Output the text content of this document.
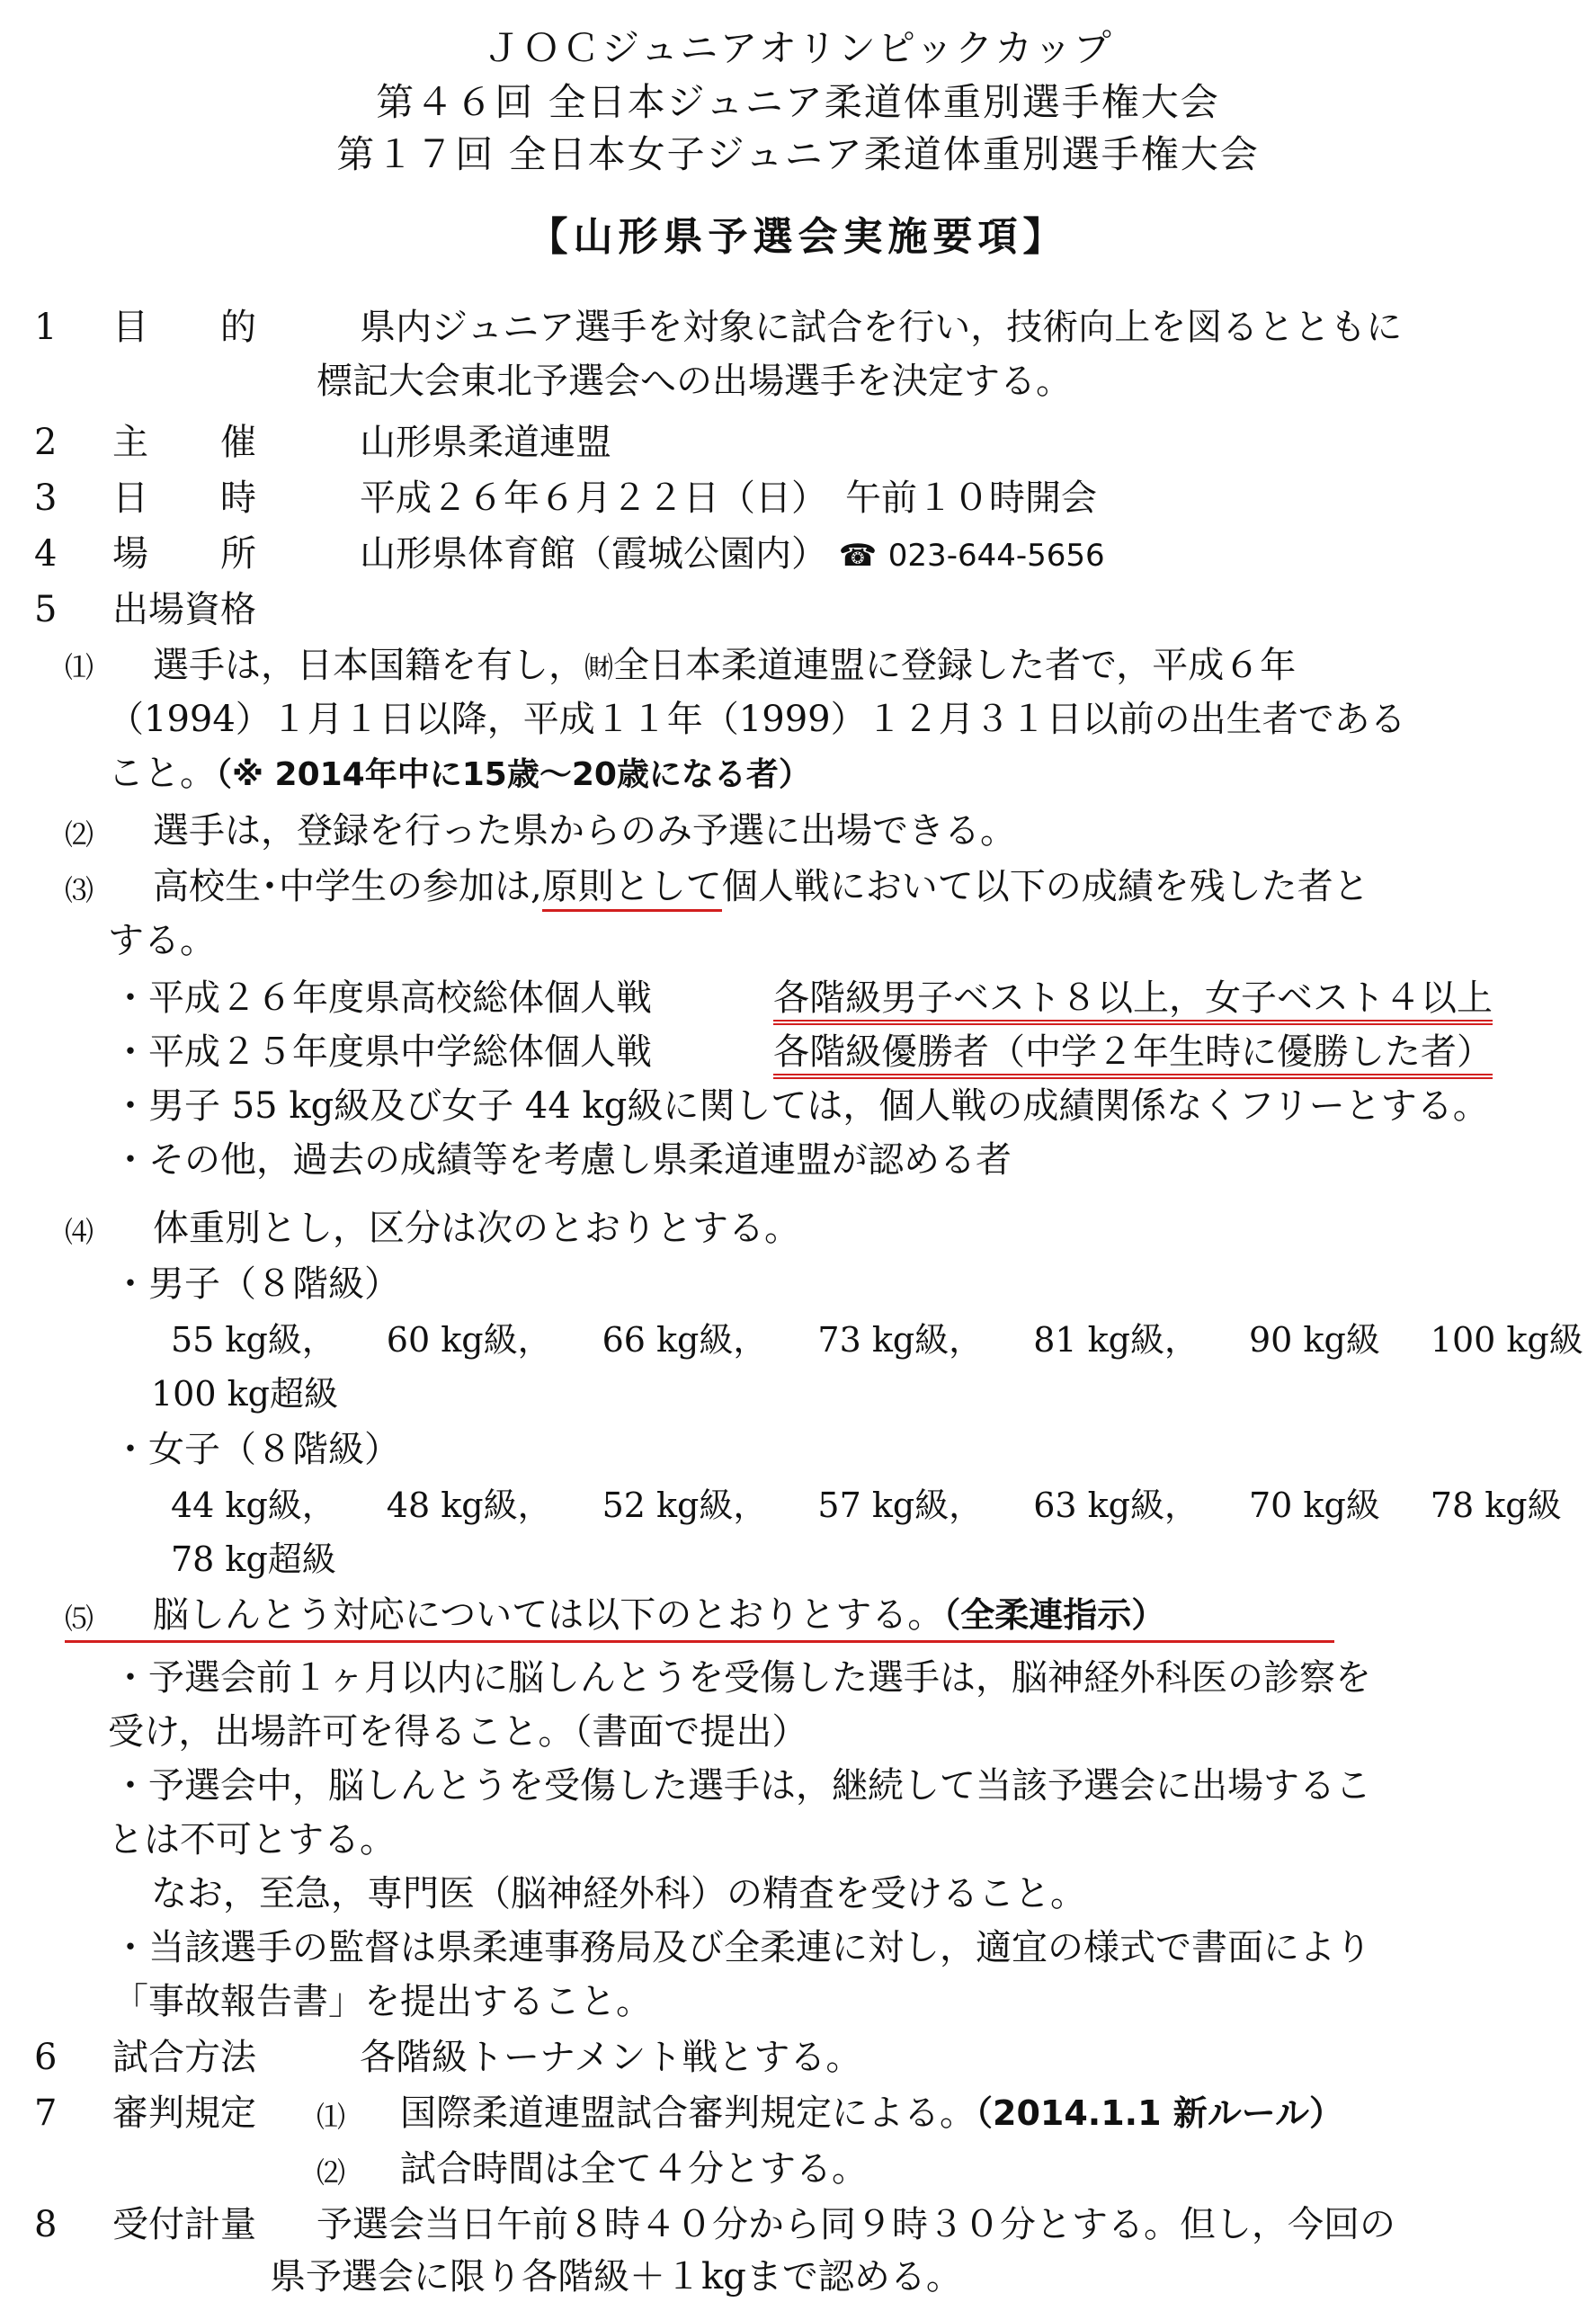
ＪＯＣジュニアオリンピックカップ
第４６回 全日本ジュニア柔道体重別選手権大会
第１７回 全日本女子ジュニア柔道体重別選手権大会
【山形県予選会実施要項】
1 目　　的	県内ジュニア選手を対象に試合を行い，技術向上を図るとともに
標記大会東北予選会への出場選手を決定する。
2 主　　催	山形県柔道連盟
3 日　　時	平成２６年６月２２日（日）　午前１０時開会
4 場　　所	山形県体育館（霞城公園内） ☎ 023-644-5656
5 出場資格
⑴ 選手は，日本国籍を有し，㈶全日本柔道連盟に登録した者で，平成６年
（1994）１月１日以降，平成１１年（1999）１２月３１日以前の出生者である
こと。（※ 2014年中に15歳～20歳になる者）
⑵ 選手は，登録を行った県からのみ予選に出場できる。
⑶ 高校生･中学生の参加は,原則として個人戦において以下の成績を残した者と
する。
・平成２６年度県高校総体個人戦	各階級男子ベスト８以上，女子ベスト４以上
・平成２５年度県中学総体個人戦	各階級優勝者（中学２年生時に優勝した者）
・男子 55 kg級及び女子 44 kg級に関しては，個人戦の成績関係なくフリーとする。
・その他，過去の成績等を考慮し県柔道連盟が認める者
⑷ 体重別とし，区分は次のとおりとする。
・男子（８階級）
55 kg級， 60 kg級， 66 kg級， 73 kg級， 81 kg級， 90 kg級 100 kg級
100 kg超級
・女子（８階級）
44 kg級， 48 kg級， 52 kg級， 57 kg級， 63 kg級， 70 kg級 78 kg級
78 kg超級
⑸ 脳しんとう対応については以下のとおりとする。（全柔連指示）
・予選会前１ヶ月以内に脳しんとうを受傷した選手は，脳神経外科医の診察を
受け，出場許可を得ること。（書面で提出）
・予選会中，脳しんとうを受傷した選手は，継続して当該予選会に出場するこ
とは不可とする。
なお，至急，専門医（脳神経外科）の精査を受けること。
・当該選手の監督は県柔連事務局及び全柔連に対し，適宜の様式で書面により
「事故報告書」を提出すること。
6 試合方法	各階級トーナメント戦とする。
7 審判規定 ⑴ 国際柔道連盟試合審判規定による。（2014.1.1 新ルール）
⑵ 試合時間は全て４分とする。
8 受付計量 予選会当日午前８時４０分から同９時３０分とする。但し，今回の
県予選会に限り各階級＋１kgまで認める。
